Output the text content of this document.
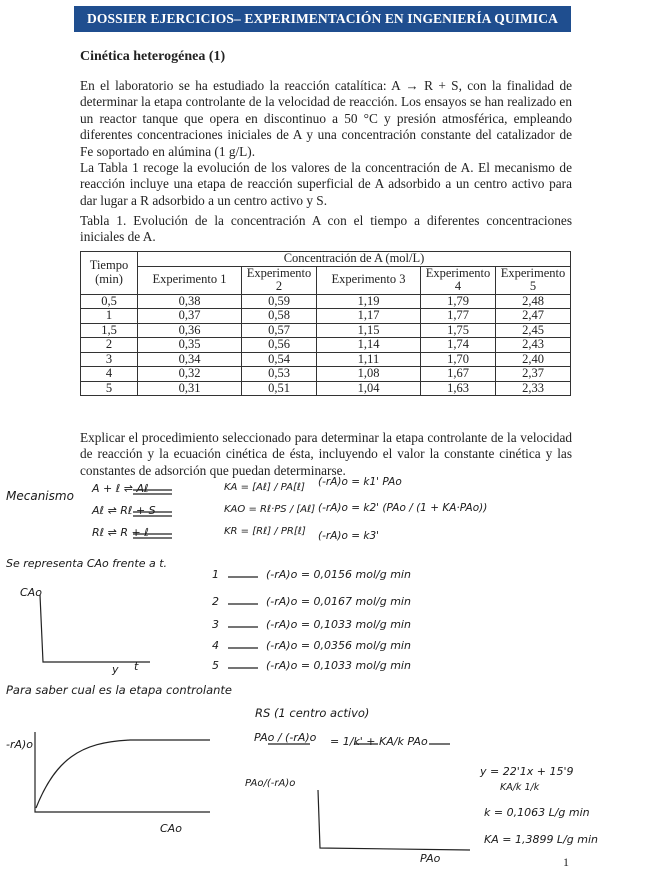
DOSSIER EJERCICIOS– EXPERIMENTACIÓN EN INGENIERÍA QUIMICA
Cinética heterogénea (1)

En el laboratorio se ha estudiado la reacción catalítica: A → R + S, con la finalidad de determinar la etapa controlante de la velocidad de reacción. Los ensayos se han realizado en un reactor tanque que opera en discontinuo a 50 °C y presión atmosférica, empleando diferentes concentraciones iniciales de A y una concentración constante del catalizador de Fe soportado en alúmina (1 g/L).

La Tabla 1 recoge la evolución de los valores de la concentración de A. El mecanismo de reacción incluye una etapa de reacción superficial de A adsorbido a un centro activo para dar lugar a R adsorbido a un centro activo y S.

Tabla 1. Evolución de la concentración A con el tiempo a diferentes concentraciones iniciales de A.
Tiempo (min)	Concentración de A (mol/L)				
	Experimento 1	Experimento 2	Experimento 3	Experimento 4	Experimento 5
0,5	0,38	0,59	1,19	1,79	2,48
1	0,37	0,58	1,17	1,77	2,47
1,5	0,36	0,57	1,15	1,75	2,45
2	0,35	0,56	1,14	1,74	2,43
3	0,34	0,54	1,11	1,70	2,40
4	0,32	0,53	1,08	1,67	2,37
5	0,31	0,51	1,04	1,63	2,33
Explicar el procedimiento seleccionado para determinar la etapa controlante de la velocidad de reacción y la ecuación cinética de ésta, incluyendo el valor la constante cinética y las constantes de adsorción que puedan determinarse.
Mecanismo
A + ℓ ⇌ Aℓ
Aℓ ⇌ Rℓ + S
Rℓ ⇌ R + ℓ
KA = [Aℓ] / PA[ℓ]
KAO = Rℓ·PS / [Aℓ]
KR = [Rℓ] / PR[ℓ]
(-rA)o = k1' PAo
(-rA)o = k2' (PAo / (1 + KA·PAo))
(-rA)o = k3'
Se representa CAo frente a t.
CAo
y t
1	(-rA)o = 0,0156 mol/g min
2	(-rA)o = 0,0167 mol/g min
3	(-rA)o = 0,1033 mol/g min
4	(-rA)o = 0,0356 mol/g min
5	(-rA)o = 0,1033 mol/g min
Para saber cual es la etapa controlante
RS (1 centro activo)
PAo / (-rA)o = 1/k' + KA/k PAo
-rA)o
CAo
PAo/(-rA)o
PAo
y = 22'1x + 15'9
KA/k 1/k
k = 0,1063 L/g min
KA = 1,3899 L/g min
1
